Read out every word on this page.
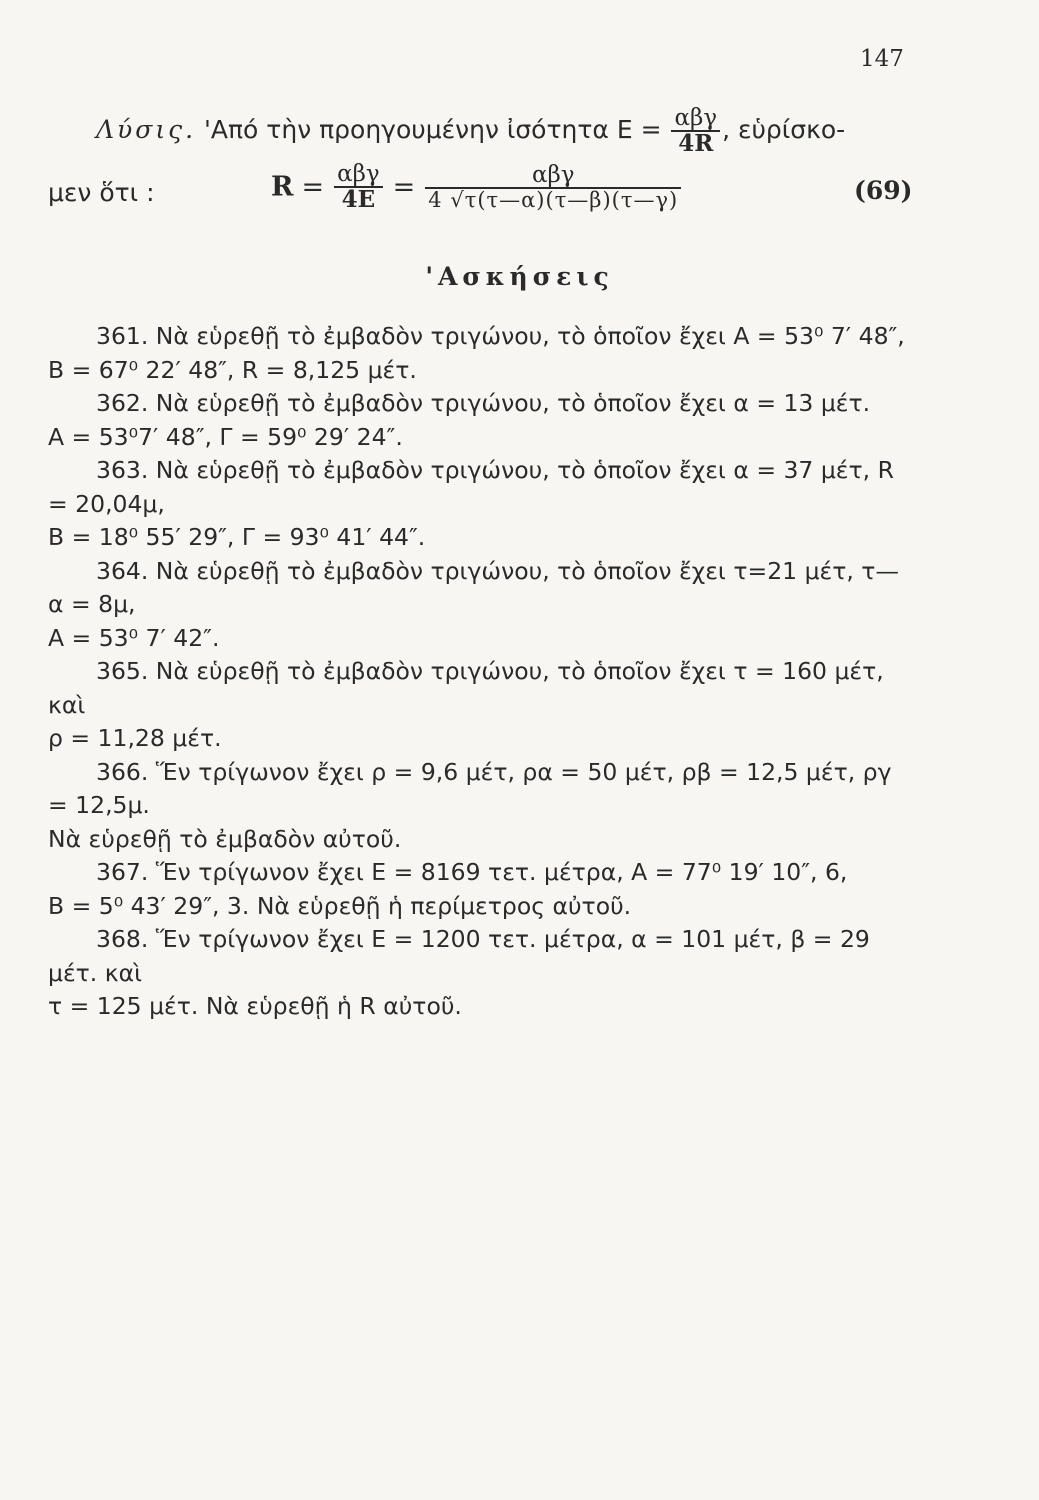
147
Λύσις. 'Από τὴν προηγουμένην ἰσότητα $E = \frac{\text{αβγ}}{4R}$ , εὑρίσκο-
μεν ὅτι :	$R = \frac{\text{αβγ}}{4E} = \frac{\text{αβγ}}{4 √\tau(\tau—\alpha)(\tau—\beta)(\tau—\gamma)}$	(69)
'Ασκήσεις

361. Νὰ εὑρεθῇ τὸ ἐμβαδὸν τριγώνου, τὸ ὁποῖον ἔχει Α = 53⁰ 7′ 48″,

Β = 67⁰ 22′ 48″, R = 8,125 μέτ.

362. Νὰ εὑρεθῇ τὸ ἐμβαδὸν τριγώνου, τὸ ὁποῖον ἔχει α = 13 μέτ.

Α = 53⁰7′ 48″, Γ = 59⁰ 29′ 24″.

363. Νὰ εὑρεθῇ τὸ ἐμβαδὸν τριγώνου, τὸ ὁποῖον ἔχει α = 37 μέτ, R = 20,04μ,

Β = 18⁰ 55′ 29″, Γ = 93⁰ 41′ 44″.

364. Νὰ εὑρεθῇ τὸ ἐμβαδὸν τριγώνου, τὸ ὁποῖον ἔχει τ=21 μέτ, τ— α = 8μ,

Α = 53⁰ 7′ 42″.

365. Νὰ εὑρεθῇ τὸ ἐμβαδὸν τριγώνου, τὸ ὁποῖον ἔχει τ = 160 μέτ, καὶ

ρ = 11,28 μέτ.

366. Ἕν τρίγωνον ἔχει ρ = 9,6 μέτ, ρα = 50 μέτ, ρβ = 12,5 μέτ, ργ = 12,5μ.

Νὰ εὑρεθῇ τὸ ἐμβαδὸν αὐτοῦ.

367. Ἕν τρίγωνον ἔχει Ε = 8169 τετ. μέτρα, Α = 77⁰ 19′ 10″, 6,

Β = 5⁰ 43′ 29″, 3. Νὰ εὑρεθῇ ἡ περίμετρος αὐτοῦ.

368. Ἕν τρίγωνον ἔχει Ε = 1200 τετ. μέτρα, α = 101 μέτ, β = 29 μέτ. καὶ

τ = 125 μέτ. Νὰ εὑρεθῇ ἡ R αὐτοῦ.
